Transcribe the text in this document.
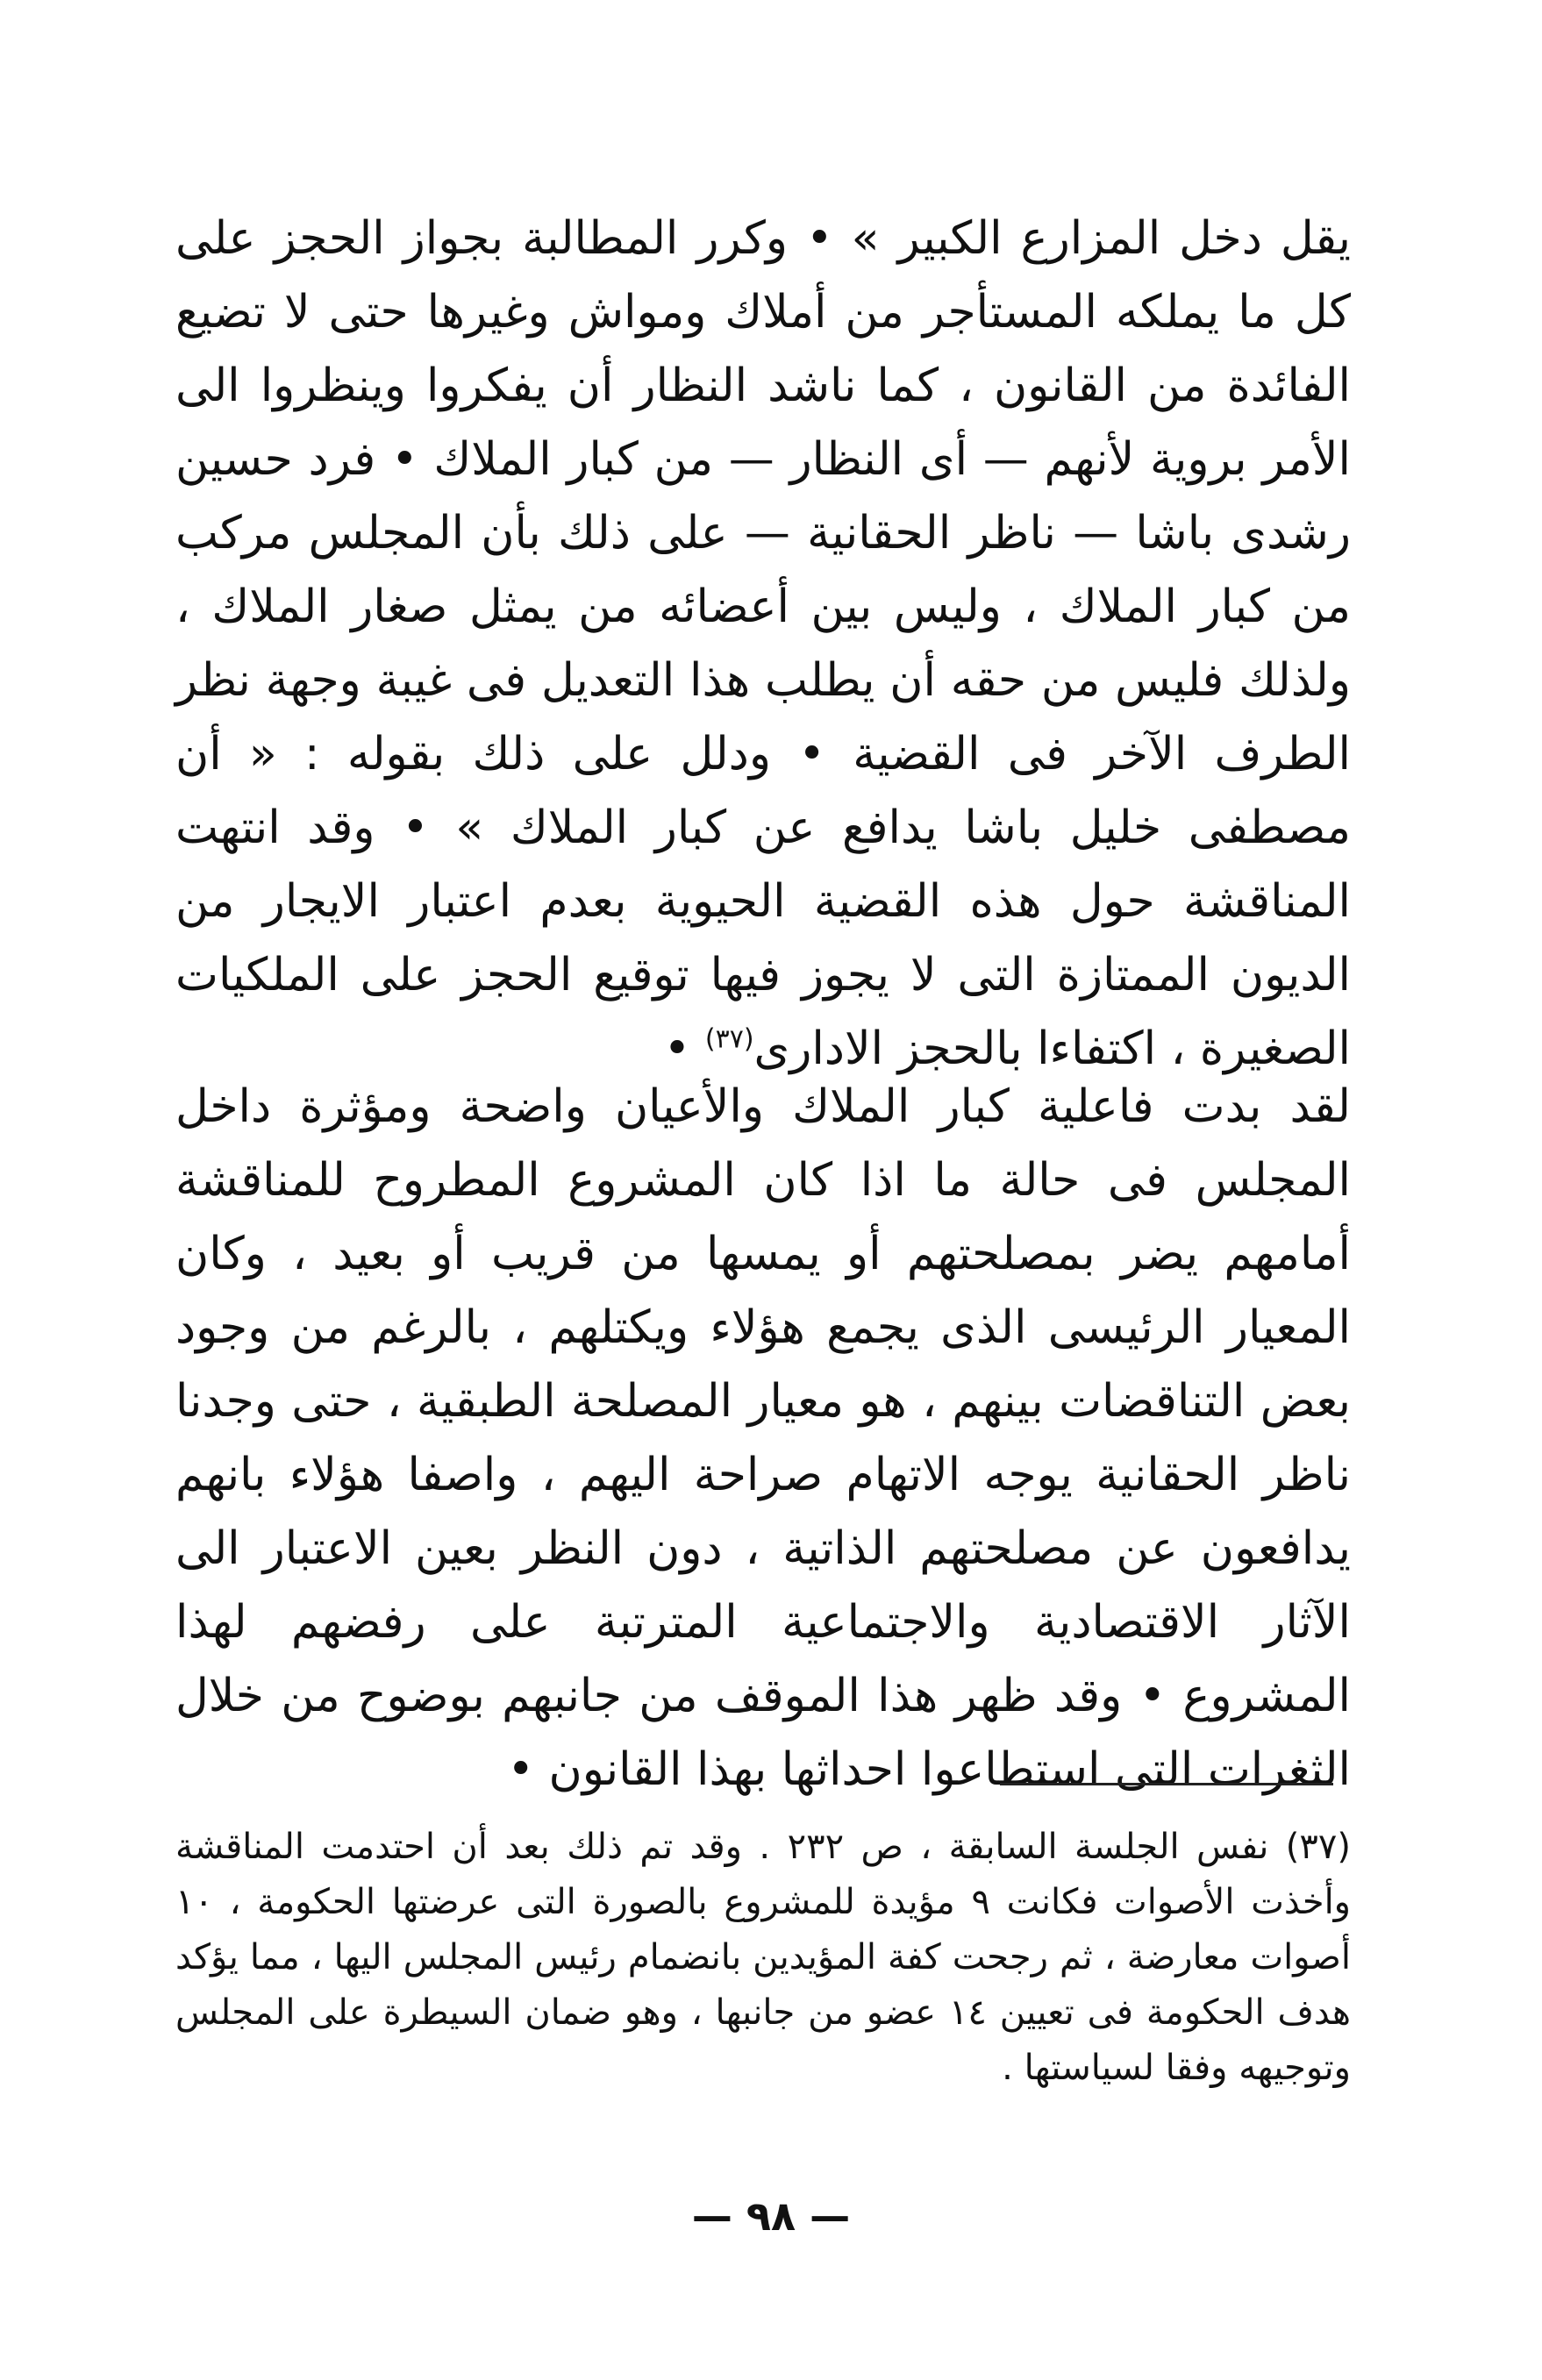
يقل دخل المزارع الكبير » • وكرر المطالبة بجواز الحجز على كل ما يملكه المستأجر من أملاك ومواش وغيرها حتى لا تضيع الفائدة من القانون ، كما ناشد النظار أن يفكروا وينظروا الى الأمر بروية لأنهم — أى النظار — من كبار الملاك • فرد حسين رشدى باشا — ناظر الحقانية — على ذلك بأن المجلس مركب من كبار الملاك ، وليس بين أعضائه من يمثل صغار الملاك ، ولذلك فليس من حقه أن يطلب هذا التعديل فى غيبة وجهة نظر الطرف الآخر فى القضية • ودلل على ذلك بقوله : « أن مصطفى خليل باشا يدافع عن كبار الملاك » • وقد انتهت المناقشة حول هذه القضية الحيوية بعدم اعتبار الايجار من الديون الممتازة التى لا يجوز فيها توقيع الحجز على الملكيات الصغيرة ، اكتفاءا بالحجز الادارى$^{(٣٧)}$ •

لقد بدت فاعلية كبار الملاك والأعيان واضحة ومؤثرة داخل المجلس فى حالة ما اذا كان المشروع المطروح للمناقشة أمامهم يضر بمصلحتهم أو يمسها من قريب أو بعيد ، وكان المعيار الرئيسى الذى يجمع هؤلاء ويكتلهم ، بالرغم من وجود بعض التناقضات بينهم ، هو معيار المصلحة الطبقية ، حتى وجدنا ناظر الحقانية يوجه الاتهام صراحة اليهم ، واصفا هؤلاء بانهم يدافعون عن مصلحتهم الذاتية ، دون النظر بعين الاعتبار الى الآثار الاقتصادية والاجتماعية المترتبة على رفضهم لهذا المشروع • وقد ظهر هذا الموقف من جانبهم بوضوح من خلال الثغرات التى استطاعوا احداثها بهذا القانون •

(٣٧) نفس الجلسة السابقة ، ص ٢٣٢ . وقد تم ذلك بعد أن احتدمت المناقشة وأخذت الأصوات فكانت ٩ مؤيدة للمشروع بالصورة التى عرضتها الحكومة ، ١٠ أصوات معارضة ، ثم رجحت كفة المؤيدين بانضمام رئيس المجلس اليها ، مما يؤكد هدف الحكومة فى تعيين ١٤ عضو من جانبها ، وهو ضمان السيطرة على المجلس وتوجيهه وفقا لسياستها .

— ٩٨ —
